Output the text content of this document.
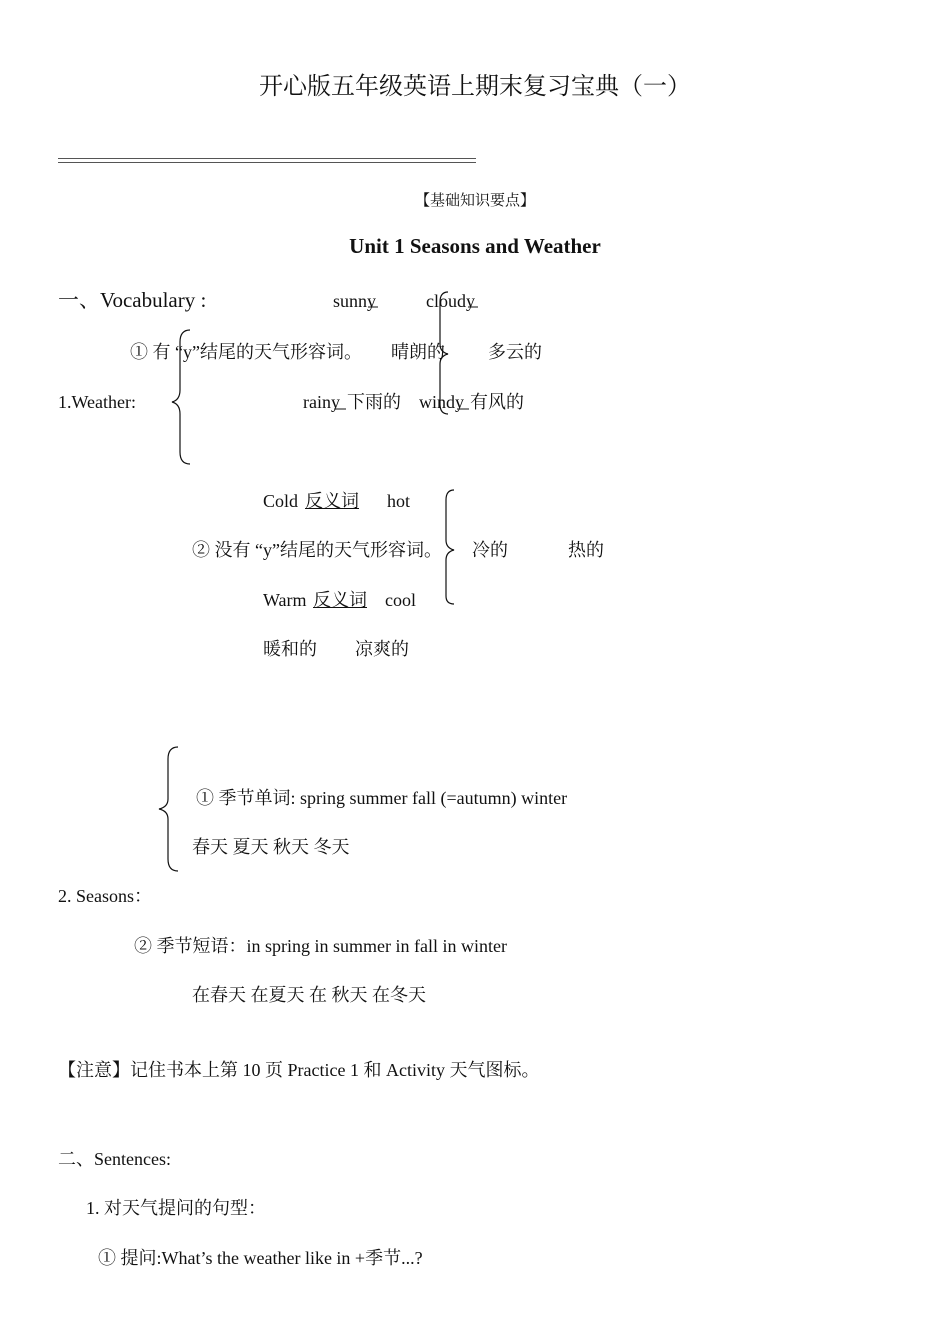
开心版五年级英语上期末复习宝典（一）
【基础知识要点】
Unit 1 Seasons and Weather
一、Vocabulary :	sunny	cloudy
① 有 “y”结尾的天气形容词。 晴朗的 多云的
1.Weather:	rainy 下雨的 windy 有风的
Cold 反义词 hot
② 没有 “y”结尾的天气形容词。 冷的	热的
Warm 反义词 cool
暖和的 凉爽的
① 季节单词: spring summer fall (=autumn) winter
春天 夏天 秋天 冬天
2. Seasons：
② 季节短语：in spring in summer in fall in winter
在春天 在夏天 在 秋天 在冬天
【注意】记住书本上第 10 页 Practice 1 和 Activity 天气图标。
二、Sentences:
1. 对天气提问的句型：
① 提问:What’s the weather like in +季节...?
